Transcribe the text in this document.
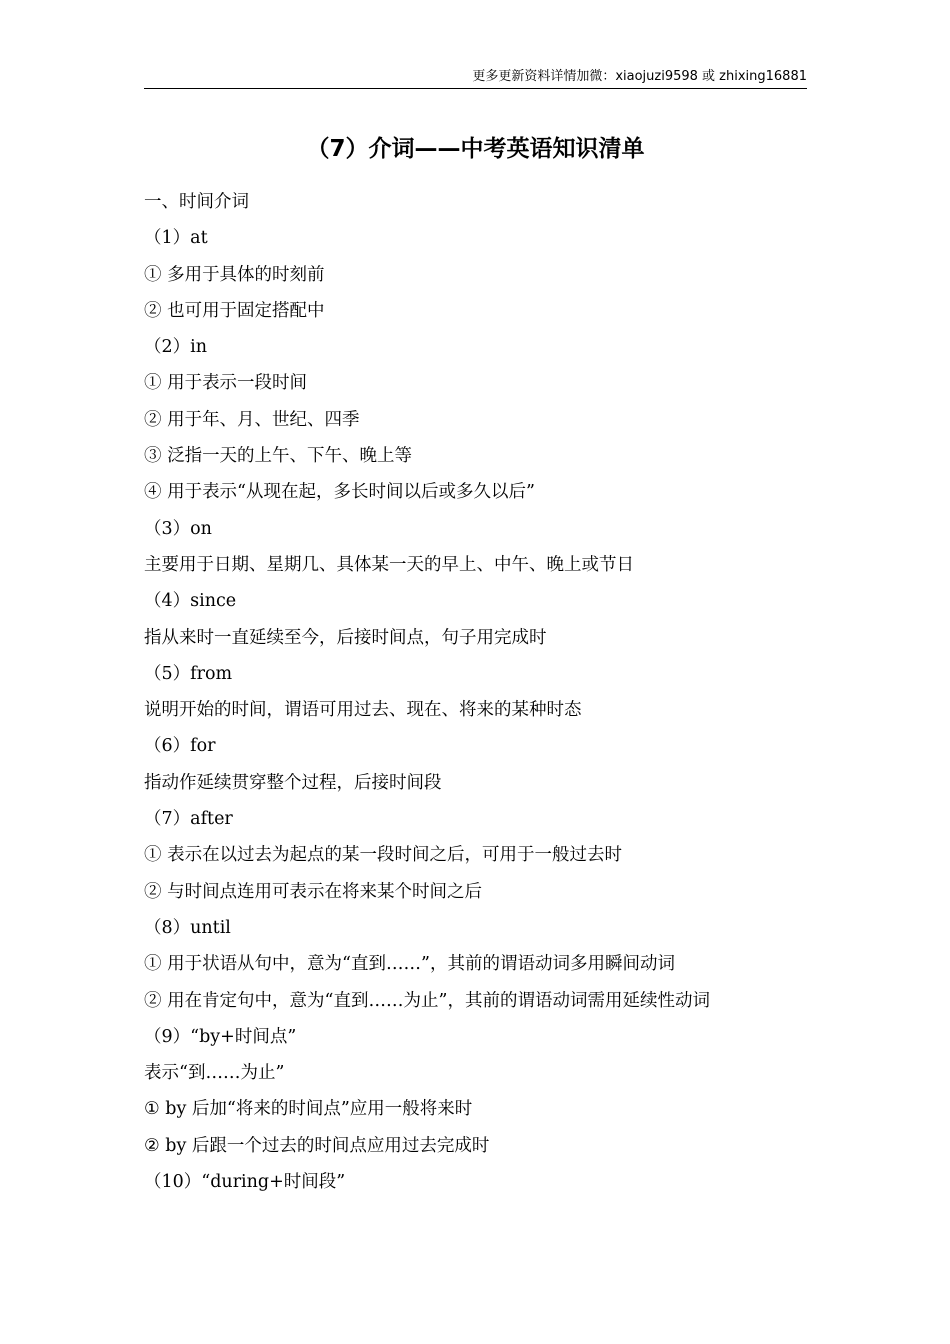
更多更新资料详情加微：xiaojuzi9598 或 zhixing16881
（7）介词——中考英语知识清单
一、时间介词
（1）at
① 多用于具体的时刻前
② 也可用于固定搭配中
（2）in
① 用于表示一段时间
② 用于年、月、世纪、四季
③ 泛指一天的上午、下午、晚上等
④ 用于表示“从现在起，多长时间以后或多久以后”
（3）on
主要用于日期、星期几、具体某一天的早上、中午、晚上或节日
（4）since
指从来时一直延续至今，后接时间点，句子用完成时
（5）from
说明开始的时间，谓语可用过去、现在、将来的某种时态
（6）for
指动作延续贯穿整个过程，后接时间段
（7）after
① 表示在以过去为起点的某一段时间之后，可用于一般过去时
② 与时间点连用可表示在将来某个时间之后
（8）until
① 用于状语从句中，意为“直到……”，其前的谓语动词多用瞬间动词
② 用在肯定句中，意为“直到……为止”，其前的谓语动词需用延续性动词
（9）“by+时间点”
表示“到……为止”
① by 后加“将来的时间点”应用一般将来时
② by 后跟一个过去的时间点应用过去完成时
（10）“during+时间段”
